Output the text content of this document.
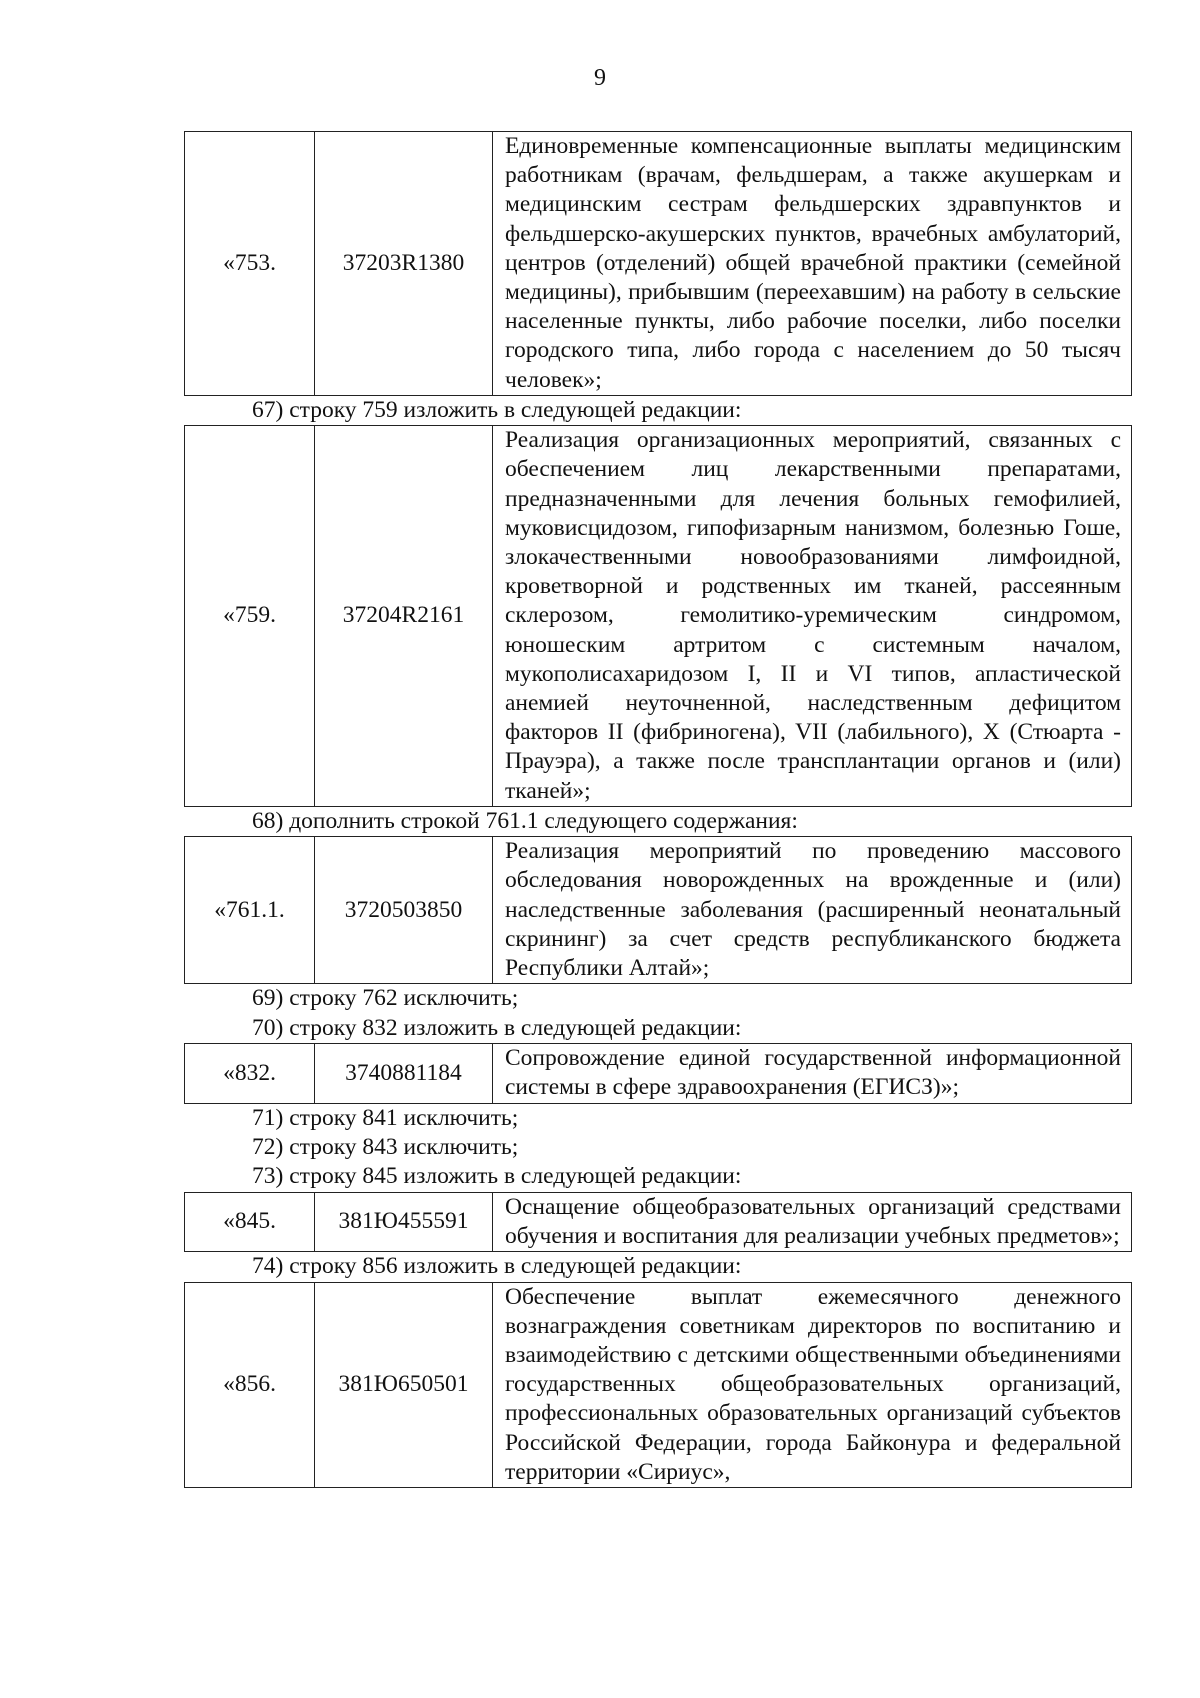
9
«753.	37203R1380	Единовременные компенсационные выплаты медицинским работникам (врачам, фельдшерам, а также акушеркам и медицинским сестрам фельдшерских здравпунктов и фельдшерско-акушерских пунктов, врачебных амбулаторий, центров (отделений) общей врачебной практики (семейной медицины), прибывшим (переехавшим) на работу в сельские населенные пункты, либо рабочие поселки, либо поселки городского типа, либо города с населением до 50 тысяч человек»;
67) строку 759 изложить в следующей редакции:
«759.	37204R2161	Реализация организационных мероприятий, связанных с обеспечением лиц лекарственными препаратами, предназначенными для лечения больных гемофилией, муковисцидозом, гипофизарным нанизмом, болезнью Гоше, злокачественными новообразованиями лимфоидной, кроветворной и родственных им тканей, рассеянным склерозом, гемолитико-уремическим синдромом, юношеским артритом с системным началом, мукополисахаридозом I, II и VI типов, апластической анемией неуточненной, наследственным дефицитом факторов II (фибриногена), VII (лабильного), X (Стюарта - Прауэра), а также после трансплантации органов и (или) тканей»;
68) дополнить строкой 761.1 следующего содержания:
«761.1.	3720503850	Реализация мероприятий по проведению массового обследования новорожденных на врожденные и (или) наследственные заболевания (расширенный неонатальный скрининг) за счет средств республиканского бюджета Республики Алтай»;
69) строку 762 исключить;
70) строку 832 изложить в следующей редакции:
«832.	3740881184	Сопровождение единой государственной информационной системы в сфере здравоохранения (ЕГИСЗ)»;
71) строку 841 исключить;
72) строку 843 исключить;
73) строку 845 изложить в следующей редакции:
«845.	381Ю455591	Оснащение общеобразовательных организаций средствами обучения и воспитания для реализации учебных предметов»;
74) строку 856 изложить в следующей редакции:
«856.	381Ю650501	Обеспечение выплат ежемесячного денежного вознаграждения советникам директоров по воспитанию и взаимодействию с детскими общественными объединениями государственных общеобразовательных организаций, профессиональных образовательных организаций субъектов Российской Федерации, города Байконура и федеральной территории «Сириус»,
